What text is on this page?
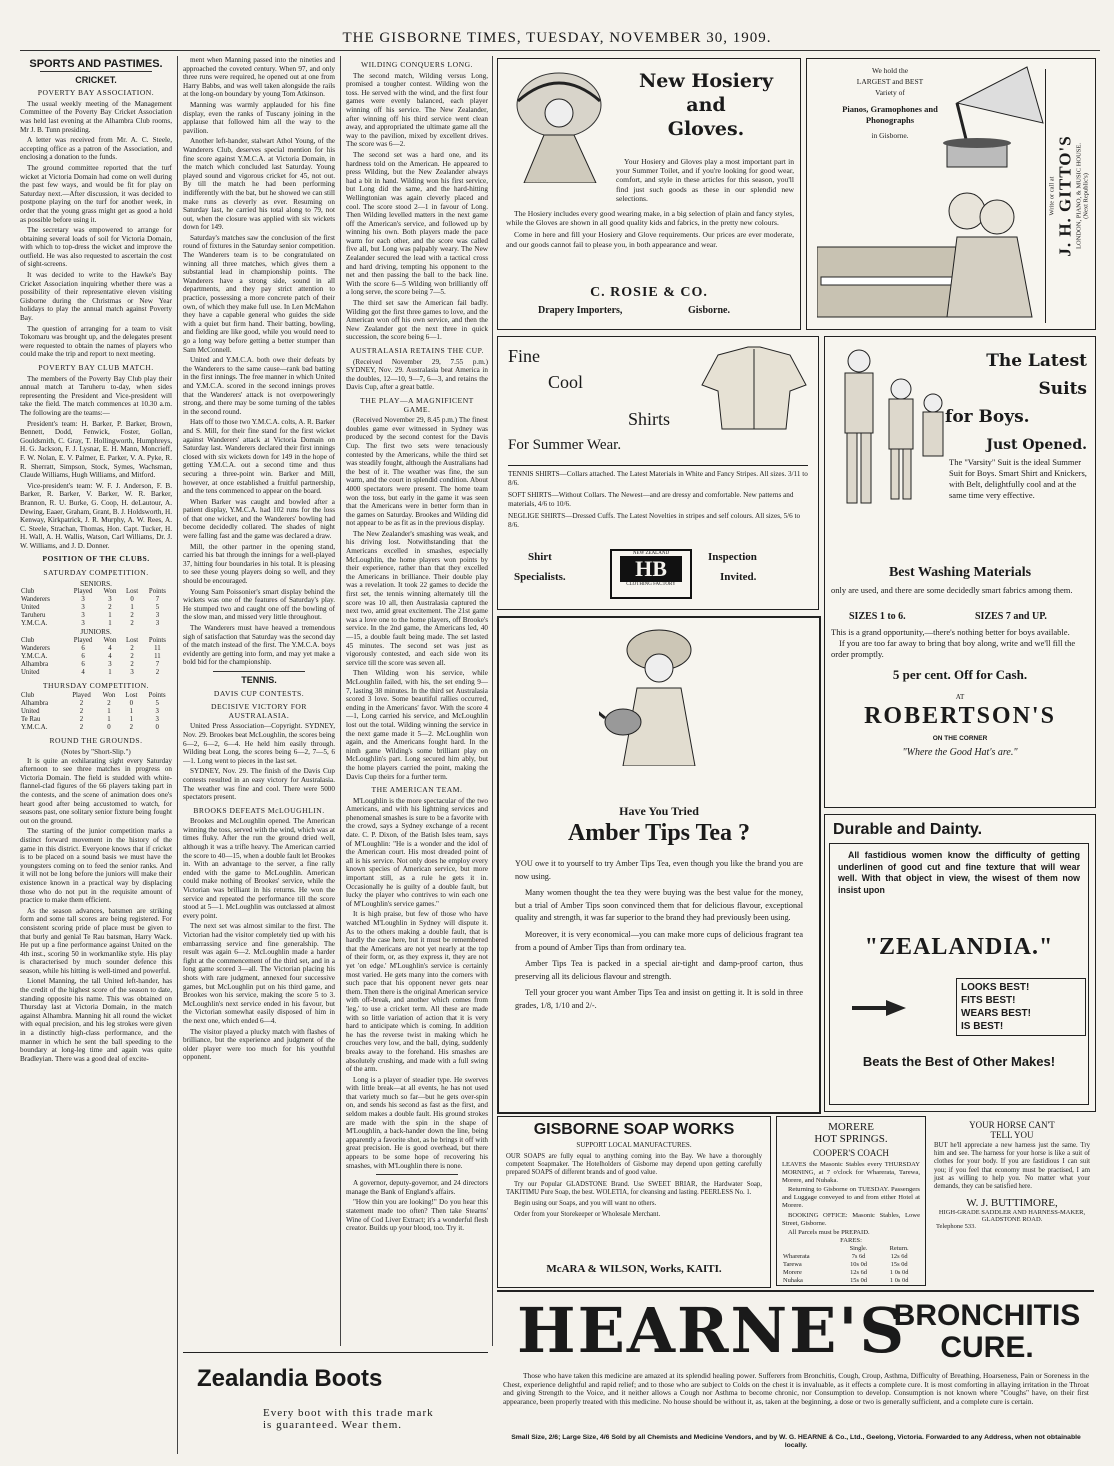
THE GISBORNE TIMES, TUESDAY, NOVEMBER 30, 1909.
SPORTS AND PASTIMES.
CRICKET.
POVERTY BAY ASSOCIATION.

The usual weekly meeting of the Management Committee of the Poverty Bay Cricket Association was held last evening at the Alhambra Club rooms, Mr J. B. Tunn presiding.

A letter was received from Mr. A. C. Steele, accepting office as a patron of the Association, and enclosing a donation to the funds.

The ground committee reported that the turf wicket at Victoria Domain had come on well during the past few ways, and would be fit for play on Saturday next.—After discussion, it was decided to postpone playing on the turf for another week, in order that the young grass might get as good a hold as possible before using it.

The secretary was empowered to arrange for obtaining several loads of soil for Victoria Domain, with which to top-dress the wicket and improve the outfield. He was also requested to ascertain the cost of sight-screens.

It was decided to write to the Hawke's Bay Cricket Association inquiring whether there was a possibility of their representative eleven visiting Gisborne during the Christmas or New Year holidays to play the annual match against Poverty Bay.

The question of arranging for a team to visit Tokomaru was brought up, and the delegates present were requested to obtain the names of players who could make the trip and report to next meeting.

POVERTY BAY CLUB MATCH.

The members of the Poverty Bay Club play their annual match at Taruheru to-day, when sides representing the President and Vice-president will take the field. The match commences at 10.30 a.m. The following are the teams:—

President's team: H. Barker, P. Barker, Brown, Bennett, Dodd, Fenwick, Foster, Gollan, Gouldsmith, C. Gray, T. Hollingworth, Humphreys, H. G. Jackson, F. J. Lysnar, E. H. Mann, Moncrieff, F. W. Nolan, E. V. Palmer, E. Parker, V. A. Pyke, R. R. Sherratt, Simpson, Stock, Symes, Wachsman, Claude Williams, Hugh Williams, and Mitford.

Vice-president's team: W. F. J. Anderson, F. B. Barker, R. Barker, V. Barker, W. R. Barker, Brannon, R. U. Burke, G. Coop, H. deLautour, A. Dewing, Eaaer, Graham, Grant, B. J. Holdsworth, H. Kenway, Kirkpatrick, J. R. Murphy, A. W. Rees, A. C. Steele, Strachan, Thomas, Hon. Capt. Tucker, H. H. Wall, A. H. Wallis, Watson, Carl Williams, Dr. J. W. Williams, and J. D. Donner.

POSITION OF THE CLUBS.
SATURDAY COMPETITION.
SENIORS.
Club	Played	Won	Lost	Points
Wanderers	3	3	0	7
United	3	2	1	5
Taruheru	3	1	2	3
Y.M.C.A.	3	1	2	3
JUNIORS.
Club	Played	Won	Lost	Points
Wanderers	6	4	2	11
Y.M.C.A.	6	4	2	11
Alhambra	6	3	2	7
United	4	1	3	2
THURSDAY COMPETITION.
Club	Played	Won	Lost	Points
Alhambra	2	2	0	5
United	2	1	1	3
Te Rau	2	1	1	3
Y.M.C.A.	2	0	2	0
ROUND THE GROUNDS.
(Notes by "Short-Slip.")

It is quite an exhilarating sight every Saturday afternoon to see three matches in progress on Victoria Domain. The field is studded with white-flannel-clad figures of the 66 players taking part in the contests, and the scene of animation does one's heart good after being accustomed to watch, for seasons past, one solitary senior fixture being fought out on the ground.

The starting of the junior competition marks a distinct forward movement in the history of the game in this district. Everyone knows that if cricket is to be placed on a sound basis we must have the youngsters coming on to feed the senior ranks. And it will not be long before the juniors will make their existence known in a practical way by displacing those who do not put in the requisite amount of practice to make them efficient.

As the season advances, batsmen are striking form and some tall scores are being registered. For consistent scoring pride of place must be given to that burly and genial Te Rau batsman, Harry Wack. He put up a fine performance against United on the 4th inst., scoring 50 in workmanlike style. His play is characterised by much sounder defence this season, while his hitting is well-timed and powerful.

Lionel Manning, the tall United left-hander, has the credit of the highest score of the season to date, standing opposite his name. This was obtained on Thursday last at Victoria Domain, in the match against Alhambra. Manning hit all round the wicket with equal precision, and his leg strokes were given in a distinctly high-class performance, and the manner in which he sent the ball speeding to the boundary at long-leg time and again was quite Bradleyian. There was a good deal of excite-

ment when Manning passed into the nineties and approached the coveted century. When 97, and only three runs were required, he opened out at one from Harry Babbs, and was well taken alongside the rails at the long-on boundary by young Tom Atkinson.

Manning was warmly applauded for his fine display, even the ranks of Tuscany joining in the applause that followed him all the way to the pavilion.

Another left-hander, stalwart Athol Young, of the Wanderers Club, deserves special mention for his fine score against Y.M.C.A. at Victoria Domain, in the match which concluded last Saturday. Young played sound and vigorous cricket for 45, not out. By till the match he had been performing indifferently with the bat, but he showed we can still make runs as cleverly as ever. Resuming on Saturday last, he carried his total along to 79, not out, when the closure was applied with six wickets down for 149.

Saturday's matches saw the conclusion of the first round of fixtures in the Saturday senior competition. The Wanderers team is to be congratulated on winning all three matches, which gives them a substantial lead in championship points. The Wanderers have a strong side, sound in all departments, and they pay strict attention to practice, possessing a more concrete patch of their own, of which they make full use. In Len McMahon they have a capable general who guides the side with a quiet but firm hand. Their batting, bowling, and fielding are like good, while you would need to go a long way before getting a better stumper than Sam McConnell.

United and Y.M.C.A. both owe their defeats by the Wanderers to the same cause—rank bad batting in the first innings. The free manner in which United and Y.M.C.A. scored in the second innings proves that the Wanderers' attack is not overpoweringly strong, and there may be some turning of the tables in the second round.

Hats off to those two Y.M.C.A. colts, A. R. Barker and S. Mill, for their fine stand for the first wicket against Wanderers' attack at Victoria Domain on Saturday last. Wanderers declared their first innings closed with six wickets down for 149 in the hope of getting Y.M.C.A. out a second time and thus securing a three-point win. Barker and Mill, however, at once established a fruitful partnership, and the tens commenced to appear on the board.

When Barker was caught and bowled after a patient display, Y.M.C.A. had 102 runs for the loss of that one wicket, and the Wanderers' bowling had become decidedly collared. The shades of night were falling fast and the game was declared a draw.

Mill, the other partner in the opening stand, carried his bat through the innings for a well-played 37, hitting four boundaries in his total. It is pleasing to see these young players doing so well, and they should be encouraged.

Young Sam Poissonier's smart display behind the wickets was one of the features of Saturday's play. He stumped two and caught one off the bowling of the slow man, and missed very little throughout.

The Wanderers must have heaved a tremendous sigh of satisfaction that Saturday was the second day of the match instead of the first. The Y.M.C.A. boys evidently are getting into form, and may yet make a bold bid for the championship.

TENNIS.
DAVIS CUP CONTESTS.
DECISIVE VICTORY FOR AUSTRALASIA.

United Press Association—Copyright. SYDNEY, Nov. 29. Brookes beat McLoughlin, the scores being 6—2, 6—2, 6—4. He held him easily through. Wilding beat Long, the scores being 6—2, 7—5, 6—1. Long went to pieces in the last set.

SYDNEY, Nov. 29. The finish of the Davis Cup contests resulted in an easy victory for Australasia. The weather was fine and cool. There were 5000 spectators present.

BROOKS DEFEATS McLOUGHLIN.

Brookes and McLoughlin opened. The American winning the toss, served with the wind, which was at times fluky. After the run the ground dried well, although it was a trifle heavy. The American carried the score to 40—15, when a double fault let Brookes in. With an advantage to the server, a fine rally ended with the game to McLoughlin. American could make nothing of Brookes' service, while the Victorian was brilliant in his returns. He won the service and repeated the performance till the score stood at 5—1. McLoughlin was outclassed at almost every point.

The next set was almost similar to the first. The Victorian had the visitor completely tied up with his embarrassing service and fine generalship. The result was again 6—2. McLoughlin made a harder fight at the commencement of the third set, and in a long game scored 3—all. The Victorian placing his shots with rare judgment, annexed four successive games, but McLoughlin put on his third game, and Brookes won his service, making the score 5 to 3. McLoughlin's next service ended in his favour, but the Victorian somewhat easily disposed of him in the next one, which ended 6—4.

The visitor played a plucky match with flashes of brilliance, but the experience and judgment of the older player were too much for his youthful opponent.

WILDING CONQUERS LONG.

The second match, Wilding versus Long, promised a tougher contest. Wilding won the toss. He served with the wind, and the first four games were evenly balanced, each player winning off his service. The New Zealander, after winning off his third service went clean away, and appropriated the ultimate game all the way to the pavilion, mixed by excellent drives. The score was 6—2.

The second set was a hard one, and its hardness told on the American. He appeared to press Wilding, but the New Zealander always had a bit in hand. Wilding won his first service, but Long did the same, and the hard-hitting Wellingtonian was again cleverly placed and cool. The score stood 2—1 in favour of Long. Then Wilding levelled matters in the next game off the American's service, and followed up by winning his own. Both players made the pace warm for each other, and the score was called five all, but Long was palpably weary. The New Zealander secured the lead with a tactical cross and hard driving, tempting his opponent to the net and then passing the ball to the back line. With the score 6—5 Wilding won brilliantly off a long serve, the score being 7—5.

The third set saw the American fail badly. Wilding got the first three games to love, and the American won off his own service, and then the New Zealander got the next three in quick succession, the score being 6—1.

AUSTRALASIA RETAINS THE CUP.

(Received November 29, 7.55 p.m.) SYDNEY, Nov. 29. Australasia beat America in the doubles, 12—10, 9—7, 6—3, and retains the Davis Cup, after a great battle.

THE PLAY—A MAGNIFICENT GAME.

(Received November 29, 8.45 p.m.) The finest doubles game ever witnessed in Sydney was produced by the second contest for the Davis Cup. The first two sets were tenaciously contested by the Americans, while the third set was steadily fought, although the Australians had the best of it. The weather was fine, the sun warm, and the court in splendid condition. About 4000 spectators were present. The home team won the toss, but early in the game it was seen that the Americans were in better form than in the games on Saturday. Brookes and Wilding did not appear to be as fit as in the previous display.

The New Zealander's smashing was weak, and his driving lost. Notwithstanding that the Americans excelled in smashes, especially McLoughlin, the home players won points by their experience, rather than that they excelled the Americans in brilliance. Their double play was a revelation. It took 22 games to decide the first set, the tennis winning alternately till the score was 10 all, then Australasia captured the next two, amid great excitement. The 21st game was a love one to the home players, off Brooke's service. In the 2nd game, the Americans led, 40—15, a double fault being made. The set lasted 45 minutes. The second set was just as vigorously contested, and each side won its service till the score was seven all.

Then Wilding won his service, while McLoughlin failed, with his, the set ending 9—7, lasting 38 minutes. In the third set Australasia scored 3 love. Some beautiful rallies occurred, ending in the Americans' favor. With the score 4—1, Long carried his service, and McLoughlin lost out the total. Wilding winning the service in the next game made it 5—2. McLoughlin won again, and the Americans fought hard. In the ninth game Wilding's some brilliant play on McLoughlin's part. Long secured him ably, but the home players carried the point, making the Davis Cup theirs for a further term.

THE AMERICAN TEAM.

M'Loughlin is the more spectacular of the two Americans, and with his lightning services and phenomenal smashes is sure to be a favorite with the crowd, says a Sydney exchange of a recent date. C. P. Dixon, of the Batish Isles team, says of M'Loughlin: "He is a wonder and the idol of the American court. His most dreaded point of all is his service. Not only does he employ every known species of American service, but more important still, as a rule he gets it in. Occasionally he is guilty of a double fault, but lucky the player who contrives to win each one of M'Loughlin's service games."

It is high praise, but few of those who have watched M'Loughlin in Sydney will dispute it. As to the others making a double fault, that is hardly the case here, but it must be remembered that the Americans are not yet nearly at the top of their form, or, as they express it, they are not yet 'on edge.' M'Loughlin's service is certainly most varied. He gets many into the corners with such pace that his opponent never gets near them. Then there is the original American service with off-break, and another which comes from 'leg,' to use a cricket term. All these are made with so little variation of action that it is very hard to anticipate which is coming. In addition he has the reverse twist in making which he crouches very low, and the ball, dying, suddenly breaks away to the forehand. His smashes are absolutely crushing, and made with a full swing of the arm.

Long is a player of steadier type. He swerves with little break—at all events, he has not used that variety much so far—but he gets over-spin on, and sends his second as fast as the first, and seldom makes a double fault. His ground strokes are made with the spin in the shape of M'Loughlin, a back-hander down the line, being apparently a favorite shot, as he brings it off with great precision. He is good overhead, but there appears to be some hope of recovering his smashes, with M'Loughlin there is none.

A governor, deputy-governor, and 24 directors manage the Bank of England's affairs.

"How thin you are looking!" Do you hear this statement made too often? Then take Stearns' Wine of Cod Liver Extract; it's a wonderful flesh creator. Builds up your blood, too. Try it.

New Hosiery
and
Gloves.

Your Hosiery and Gloves play a most important part in your Summer Toilet, and if you're looking for good wear, comfort, and style in these articles for this season, you'll find just such goods as these in our splendid new selections.

The Hosiery includes every good wearing make, in a big selection of plain and fancy styles, while the Gloves are shown in all good quality kids and fabrics, in the pretty new colours.

Come in here and fill your Hosiery and Glove requirements. Our prices are ever moderate, and our goods cannot fail to please you, in both appearance and wear.

C. ROSIE & CO.
Drapery Importers,	Gisborne.
We hold the
LARGEST and BEST
Variety of
Pianos, Gramophones and
Phonographs
in Gisborne.
Write or call at J. H. GITTO'S LONDON, PIANO, & MUSIC HOUSE. (Next Republic's)
Fine
Cool
Shirts
For Summer Wear.

TENNIS SHIRTS—Collars attached. The Latest Materials in White and Fancy Stripes. All sizes. 3/11 to 8/6.

SOFT SHIRTS—Without Collars. The Newest—and are dressy and comfortable. New patterns and materials, 4/6 to 10/6.

NEGLIGE SHIRTS—Dressed Cuffs. The Latest Novelties in stripes and self colours. All sizes, 5/6 to 8/6.

Shirt
Specialists.
NEW ZEALAND
HB
CLOTHING FACTORY
Inspection
Invited.
The Latest Suits
for Boys.
Just Opened.
The "Varsity" Suit is the ideal Summer Suit for Boys. Smart Shirt and Knickers, with Belt, delightfully cool and at the same time very effective.
Best Washing Materials
only are used, and there are some decidedly smart fabrics among them.
SIZES 1 to 6.	SIZES 7 and UP.
This is a grand opportunity,—there's nothing better for boys available.
If you are too far away to bring that boy along, write and we'll fill the order promptly.
5 per cent. Off for Cash.
AT
ROBERTSON'S
ON THE CORNER
"Where the Good Hat's are."
Have You Tried
Amber Tips Tea ?

YOU owe it to yourself to try Amber Tips Tea, even though you like the brand you are now using.

Many women thought the tea they were buying was the best value for the money, but a trial of Amber Tips soon convinced them that for delicious flavour, exceptional quality and strength, it was far superior to the brand they had previously been using.

Moreover, it is very economical—you can make more cups of delicious fragrant tea from a pound of Amber Tips than from ordinary tea.

Amber Tips Tea is packed in a special air-tight and damp-proof carton, thus preserving all its delicious flavour and strength.

Tell your grocer you want Amber Tips Tea and insist on getting it. It is sold in three grades, 1/8, 1/10 and 2/-.

Durable and Dainty.
All fastidious women know the difficulty of getting underlinen of good cut and fine texture that will wear well. With that object in view, the wisest of them now insist upon
"ZEALANDIA."
LOOKS BEST!
FITS BEST!
WEARS BEST!
IS BEST!
Beats the Best of Other Makes!
GISBORNE SOAP WORKS
SUPPORT LOCAL MANUFACTURES.

OUR SOAPS are fully equal to anything coming into the Bay. We have a thoroughly competent Soapmaker. The Hotelholders of Gisborne may depend upon getting carefully prepared SOAPS of different brands and of good value.

Try our Popular GLADSTONE Brand. Use SWEET BRIAR, the Hardwater Soap, TAKITIMU Pure Soap, the best. WOLETIA, for cleansing and lasting. PEERLESS No. 1.

Begin using our Soaps, and you will want no others.

Order from your Storekeeper or Wholesale Merchant.

McARA & WILSON, Works, KAITI.
MORERE
HOT SPRINGS.
COOPER'S COACH

LEAVES the Masonic Stables every THURSDAY MORNING, at 7 o'clock for Wharerata, Tarewa, Morere, and Nuhaka.

Returning to Gisborne on TUESDAY. Passengers and Luggage conveyed to and from either Hotel at Morere.

BOOKING OFFICE: Masonic Stables, Lowe Street, Gisborne.

All Parcels must be PREPAID.

FARES:
	Single.	Return.
Wharerata	7s 6d	12s 6d
Tarewa	10s 0d	15s 0d
Morere	12s 6d	1 0s 0d
Nuhaka	15s 0d	1 0s 0d
YOUR HORSE CAN'T
TELL YOU
BUT he'll appreciate a new harness just the same. Try him and see. The harness for your horse is like a suit of clothes for your body. If you are fastidious I can suit you; if you feel that economy must be practised, I am just as willing to help you. No matter what your demands, they can be satisfied here.
W. J. BUTTIMORE,
HIGH-GRADE SADDLER AND HARNESS-MAKER,
GLADSTONE ROAD.
Telephone 533.
Zealandia Boots
Every boot with this trade mark
is guaranteed. Wear them.
HEARNE'S
BRONCHITIS
CURE.
Those who have taken this medicine are amazed at its splendid healing power. Sufferers from Bronchitis, Cough, Croup, Asthma, Difficulty of Breathing, Hoarseness, Pain or Soreness in the Chest, experience delightful and rapid relief; and to those who are subject to Colds on the chest it is invaluable, as it effects a complete cure. It is most comforting in allaying irritation in the Throat and giving Strength to the Voice, and it neither allows a Cough nor Asthma to become chronic, nor Consumption to develop. Consumption is not known where "Coughs" have, on their first appearance, been properly treated with this medicine. No house should be without it, as, taken at the beginning, a dose or two is generally sufficient, and a complete cure is certain.
Small Size, 2/6; Large Size, 4/6 Sold by all Chemists and Medicine Vendors, and by W. G. HEARNE & Co., Ltd., Geelong, Victoria. Forwarded to any Address, when not obtainable locally.
